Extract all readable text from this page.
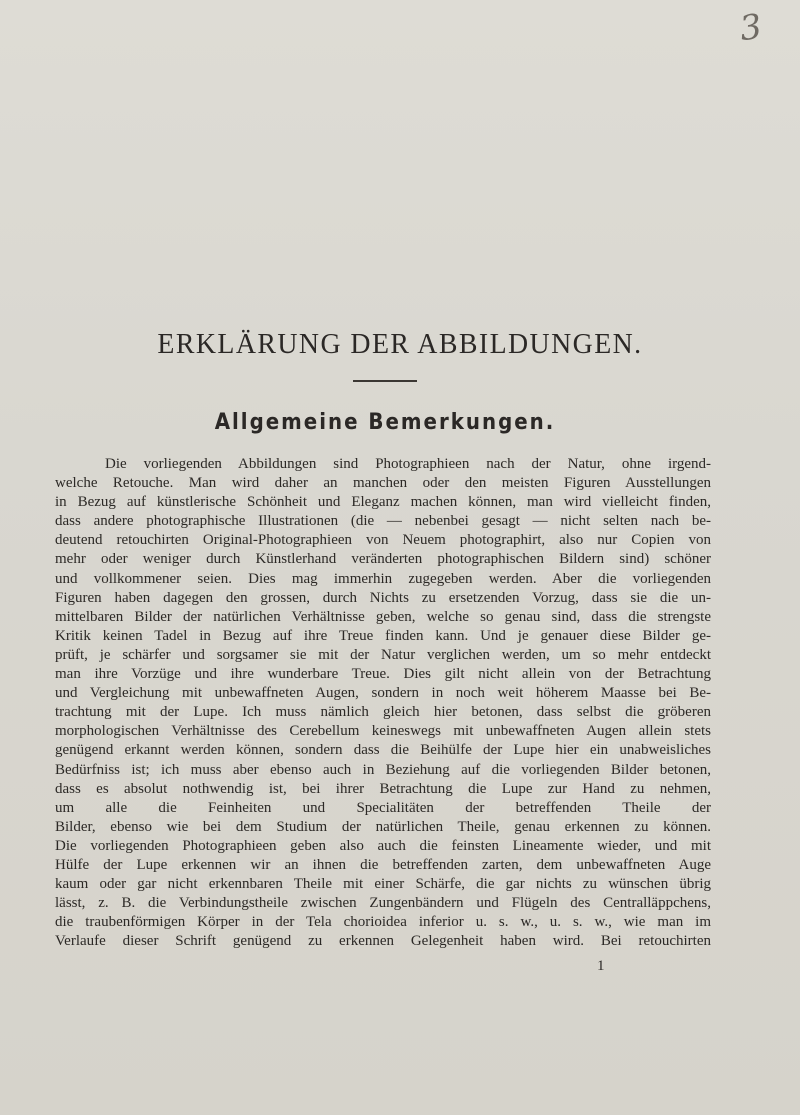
3
ERKLÄRUNG DER ABBILDUNGEN.
Allgemeine Bemerkungen.
Die vorliegenden Abbildungen sind Photographieen nach der Natur, ohne irgend-
welche Retouche. Man wird daher an manchen oder den meisten Figuren Ausstellungen
in Bezug auf künstlerische Schönheit und Eleganz machen können, man wird vielleicht finden,
dass andere photographische Illustrationen (die — nebenbei gesagt — nicht selten nach be-
deutend retouchirten Original-Photographieen von Neuem photographirt, also nur Copien von
mehr oder weniger durch Künstlerhand veränderten photographischen Bildern sind) schöner
und vollkommener seien. Dies mag immerhin zugegeben werden. Aber die vorliegenden
Figuren haben dagegen den grossen, durch Nichts zu ersetzenden Vorzug, dass sie die un-
mittelbaren Bilder der natürlichen Verhältnisse geben, welche so genau sind, dass die strengste
Kritik keinen Tadel in Bezug auf ihre Treue finden kann. Und je genauer diese Bilder ge-
prüft, je schärfer und sorgsamer sie mit der Natur verglichen werden, um so mehr entdeckt
man ihre Vorzüge und ihre wunderbare Treue. Dies gilt nicht allein von der Betrachtung
und Vergleichung mit unbewaffneten Augen, sondern in noch weit höherem Maasse bei Be-
trachtung mit der Lupe. Ich muss nämlich gleich hier betonen, dass selbst die gröberen
morphologischen Verhältnisse des Cerebellum keineswegs mit unbewaffneten Augen allein stets
genügend erkannt werden können, sondern dass die Beihülfe der Lupe hier ein unabweisliches
Bedürfniss ist; ich muss aber ebenso auch in Beziehung auf die vorliegenden Bilder betonen,
dass es absolut nothwendig ist, bei ihrer Betrachtung die Lupe zur Hand zu nehmen,
um alle die Feinheiten und Specialitäten der betreffenden Theile der
Bilder, ebenso wie bei dem Studium der natürlichen Theile, genau erkennen zu können.
Die vorliegenden Photographieen geben also auch die feinsten Lineamente wieder, und mit
Hülfe der Lupe erkennen wir an ihnen die betreffenden zarten, dem unbewaffneten Auge
kaum oder gar nicht erkennbaren Theile mit einer Schärfe, die gar nichts zu wünschen übrig
lässt, z. B. die Verbindungstheile zwischen Zungenbändern und Flügeln des Centralläppchens,
die traubenförmigen Körper in der Tela chorioidea inferior u. s. w., u. s. w., wie man im
Verlaufe dieser Schrift genügend zu erkennen Gelegenheit haben wird. Bei retouchirten
1
